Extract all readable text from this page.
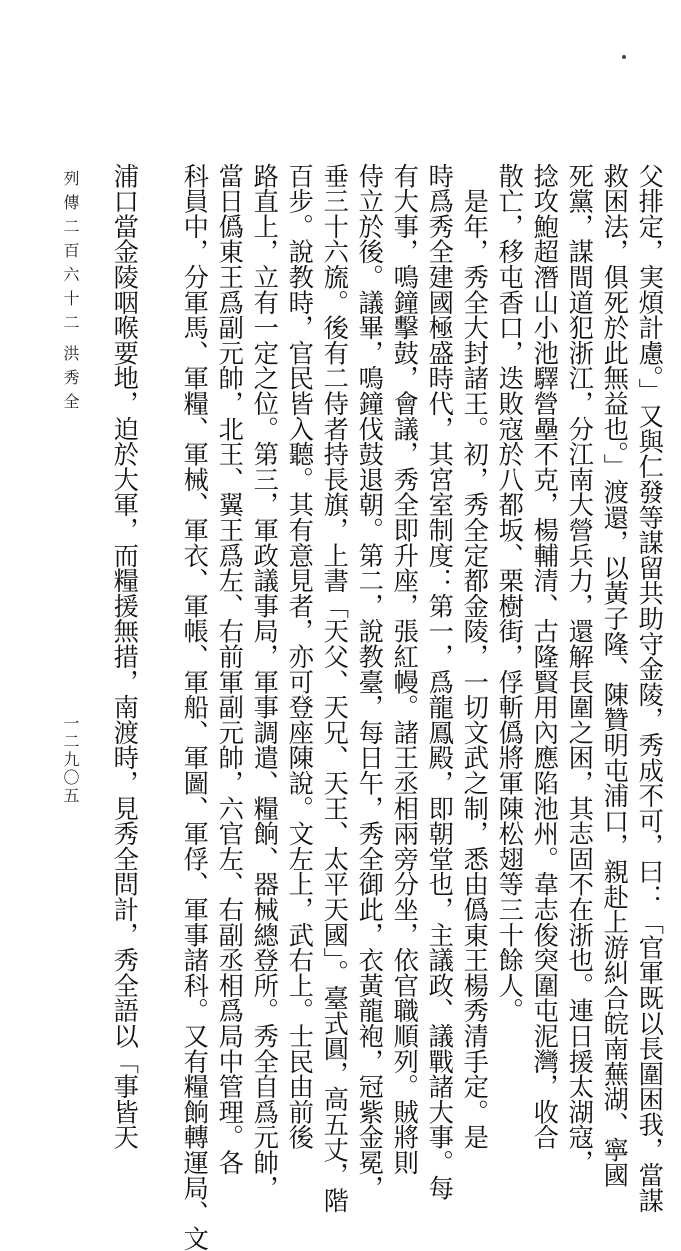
浦口當金陵咽喉要地，迫於大軍，而糧援無措，南渡時，見秀全問計，秀全語以「事皆天	父排定，実煩計慮。」又與仁發等謀留共助守金陵，秀成不可，曰：「官軍既以長圍困我，當謀
救困法，俱死於此無益也。」渡還，以黃子隆、陳贊明屯浦口，親赴上游糾合皖南蕪湖、寧國
死黨，謀間道犯浙江，分江南大營兵力，還解長圍之困，其志固不在浙也。連日援太湖寇，
捻攻鮑超潛山小池驛營壘不克，楊輔清、古隆賢用內應陷池州。韋志俊突圍屯泥灣，收合
散亡，移屯香口，迭敗寇於八都坂、栗樹街，俘斬僞將軍陳松翅等三十餘人。
　是年，秀全大封諸王。初，秀全定都金陵，一切文武之制，悉由僞東王楊秀清手定。是
時爲秀全建國極盛時代，其宮室制度：第一，爲龍鳳殿，即朝堂也，主議政、議戰諸大事。每
有大事，鳴鐘擊鼓，會議，秀全即升座，張紅幔。諸王丞相兩旁分坐，依官職順列。賊將則
侍立於後。議畢，鳴鐘伐鼓退朝。第二，說教臺，每日午，秀全御此，衣黃龍袍，冠紫金冕，
垂三十六旒。後有二侍者持長旗，上書「天父、天兄、天王、太平天國」。臺式圓，高五丈，階
百步。說教時，官民皆入聽。其有意見者，亦可登座陳說。文左上，武右上。士民由前後
路直上，立有一定之位。第三，軍政議事局，軍事調遣、糧餉、器械總登所。秀全自爲元帥，
當日僞東王爲副元帥，北王、翼王爲左、右前軍副元帥，六官左、右副丞相爲局中管理。各
科員中，分軍馬、軍糧、軍械、軍衣、軍帳、軍船、軍圖、軍俘、軍事諸科。又有糧餉轉運局、文
列傳二百六十二
洪秀全
一二九〇五
